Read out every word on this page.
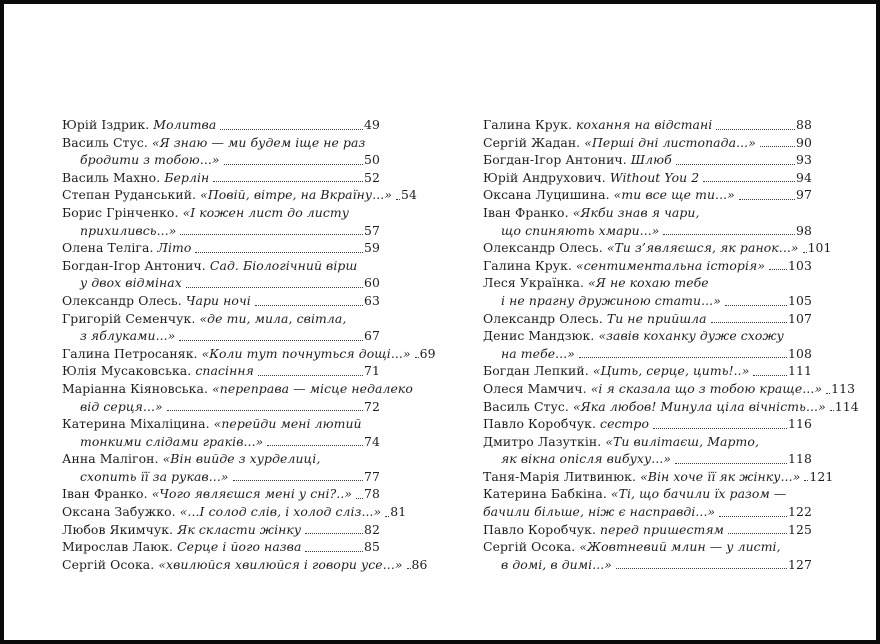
Юрій Іздрик. Молитва	49
Василь Стус. «Я знаю — ми будем іще не раз
бродити з тобою...»	50
Василь Махно. Берлін	52
Степан Руданський. «Повій, вітре, на Вкраїну...» 54
Борис Грінченко. «І кожен лист до листу
прихиливсь...»	57
Олена Теліга. Літо	59
Богдан-Ігор Антонич. Сад. Біологічний вірш
у двох відмінах	60
Олександр Олесь. Чари ночі	63
Григорій Семенчук. «де ти, мила, світла,
з яблуками...»	67
Галина Петросаняк. «Коли тут почнуться дощі...» 69
Юлія Мусаковська. спасіння	71
Маріанна Кіяновська. «переправа — місце недалеко
від серця...»	72
Катерина Міхаліцина. «перейди мені лютий
тонкими слідами граків...»	74
Анна Малігон. «Він вийде з хурделиці,
схопить її за рукав...»	77
Іван Франко. «Чого являєшся мені у сні?..» 78
Оксана Забужко. «...І солод слів, і холод сліз...» 81
Любов Якимчук. Як скласти жінку	82
Мирослав Лаюк. Серце і його назва	85
Сергій Осока. «хвилюйся хвилюйся і говори усе...» 86
Галина Крук. кохання на відстані	88
Сергій Жадан. «Перші дні листопада...»	90
Богдан-Ігор Антонич. Шлюб	93
Юрій Андрухович. Without You 2	94
Оксана Луцишина. «ти все ще ти...»	97
Іван Франко. «Якби знав я чари,
що спиняють хмари...»	98
Олександр Олесь. «Ти з’являєшся, як ранок...» 101
Галина Крук. «сентиментальна історія» 103
Леся Українка. «Я не кохаю тебе
і не прагну дружиною стати...»	105
Олександр Олесь. Ти не прийшла	107
Денис Мандзюк. «завів коханку дуже схожу
на тебе...»	108
Богдан Лепкий. «Цить, серце, цить!..»	111
Олеся Мамчич. «і я сказала що з тобою краще...» 113
Василь Стус. «Яка любов! Минула ціла вічність...» 114
Павло Коробчук. сестро	116
Дмитро Лазуткін. «Ти вилітаєш, Марто,
як вікна опісля вибуху...»	118
Таня-Марія Литвинюк. «Він хоче її як жінку...» 121
Катерина Бабкіна. «Ті, що бачили їх разом —
бачили більше, ніж є насправді...»	122
Павло Коробчук. перед пришестям	125
Сергій Осока. «Жовтневий млин — у листі,
в домі, в димі...»	127
